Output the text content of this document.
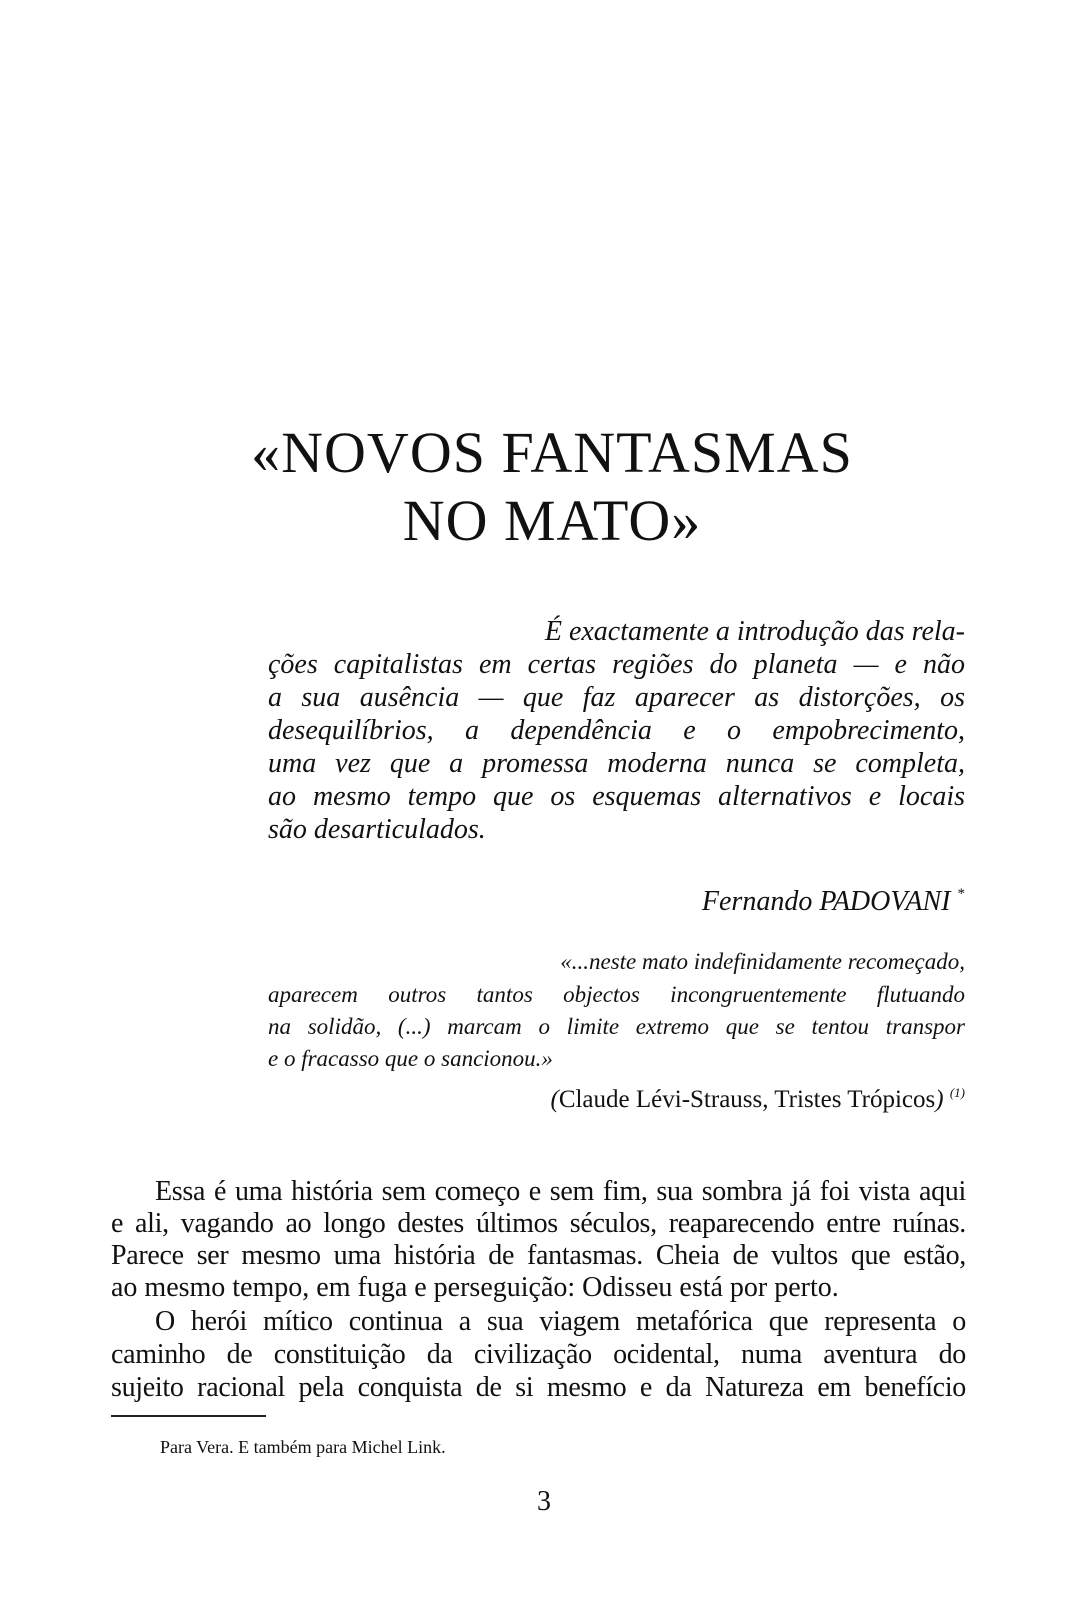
«NOVOS FANTASMAS
NO MATO»
É exactamente a introdução das rela-
ções capitalistas em certas regiões do planeta — e não
a sua ausência — que faz aparecer as distorções, os
desequilíbrios, a dependência e o empobrecimento,
uma vez que a promessa moderna nunca se completa,
ao mesmo tempo que os esquemas alternativos e locais
são desarticulados.
Fernando PADOVANI *
«...neste mato indefinidamente recomeçado,
aparecem outros tantos objectos incongruentemente flutuando
na solidão, (...) marcam o limite extremo que se tentou transpor
e o fracasso que o sancionou.»
(Claude Lévi-Strauss, Tristes Trópicos) $^{(1)}$
Essa é uma história sem começo e sem fim, sua sombra já foi vista aqui
e ali, vagando ao longo destes últimos séculos, reaparecendo entre ruínas.
Parece ser mesmo uma história de fantasmas. Cheia de vultos que estão,
ao mesmo tempo, em fuga e perseguição: Odisseu está por perto.
O herói mítico continua a sua viagem metafórica que representa o
caminho de constituição da civilização ocidental, numa aventura do
sujeito racional pela conquista de si mesmo e da Natureza em benefício
Para Vera. E também para Michel Link.
3
